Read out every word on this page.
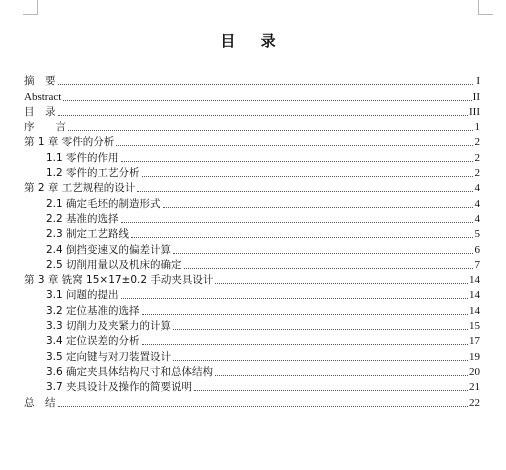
目 录
摘　要	I
Abstract	II
目　录	III
序　　言	1
第 1 章 零件的分析	2
1.1 零件的作用	2
1.2 零件的工艺分析	2
第 2 章 工艺规程的设计	4
2.1 确定毛坯的制造形式	4
2.2 基准的选择	4
2.3 制定工艺路线	5
2.4 倒挡变速叉的偏差计算	6
2.5 切削用量以及机床的确定	7
第 3 章 铣窝 15×17±0.2 手动夹具设计	14
3.1 问题的提出	14
3.2 定位基准的选择	14
3.3 切削力及夹紧力的计算	15
3.4 定位误差的分析	17
3.5 定向键与对刀装置设计	19
3.6 确定夹具体结构尺寸和总体结构	20
3.7 夹具设计及操作的简要说明	21
总　结	22
